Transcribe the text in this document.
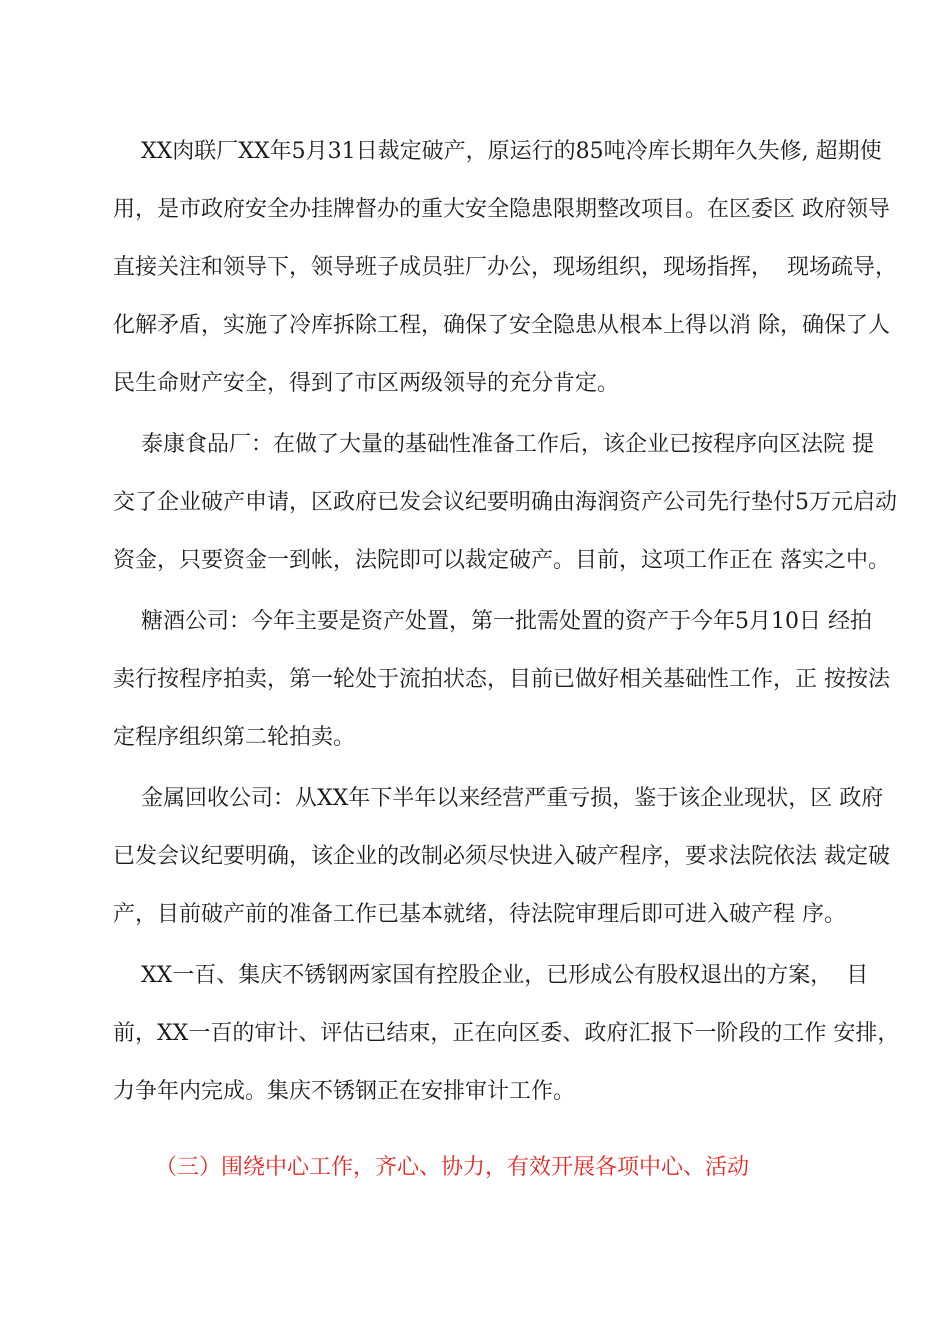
XX肉联厂XX年5月31日裁定破产，原运行的85吨冷库长期年久失修, 超期使
用，是市政府安全办挂牌督办的重大安全隐患限期整改项目。在区委区 政府领导
直接关注和领导下，领导班子成员驻厂办公，现场组织，现场指挥，  现场疏导，
化解矛盾，实施了冷库拆除工程，确保了安全隐患从根本上得以消 除，确保了人
民生命财产安全，得到了市区两级领导的充分肯定。
泰康食品厂：在做了大量的基础性准备工作后，该企业已按程序向区法院 提
交了企业破产申请，区政府已发会议纪要明确由海润资产公司先行垫付5万元启动
资金，只要资金一到帐，法院即可以裁定破产。目前，这项工作正在 落实之中。
糖酒公司：今年主要是资产处置，第一批需处置的资产于今年5月10日 经拍
卖行按程序拍卖，第一轮处于流拍状态，目前已做好相关基础性工作，正 按按法
定程序组织第二轮拍卖。
金属回收公司：从XX年下半年以来经营严重亏损，鉴于该企业现状，区 政府
已发会议纪要明确，该企业的改制必须尽快进入破产程序，要求法院依法 裁定破
产，目前破产前的准备工作已基本就绪，待法院审理后即可进入破产程 序。
XX一百、集庆不锈钢两家国有控股企业，已形成公有股权退出的方案，  目
前，XX一百的审计、评估已结束，正在向区委、政府汇报下一阶段的工作 安排，
力争年内完成。集庆不锈钢正在安排审计工作。
（三）围绕中心工作，齐心、协力，有效开展各项中心、活动
